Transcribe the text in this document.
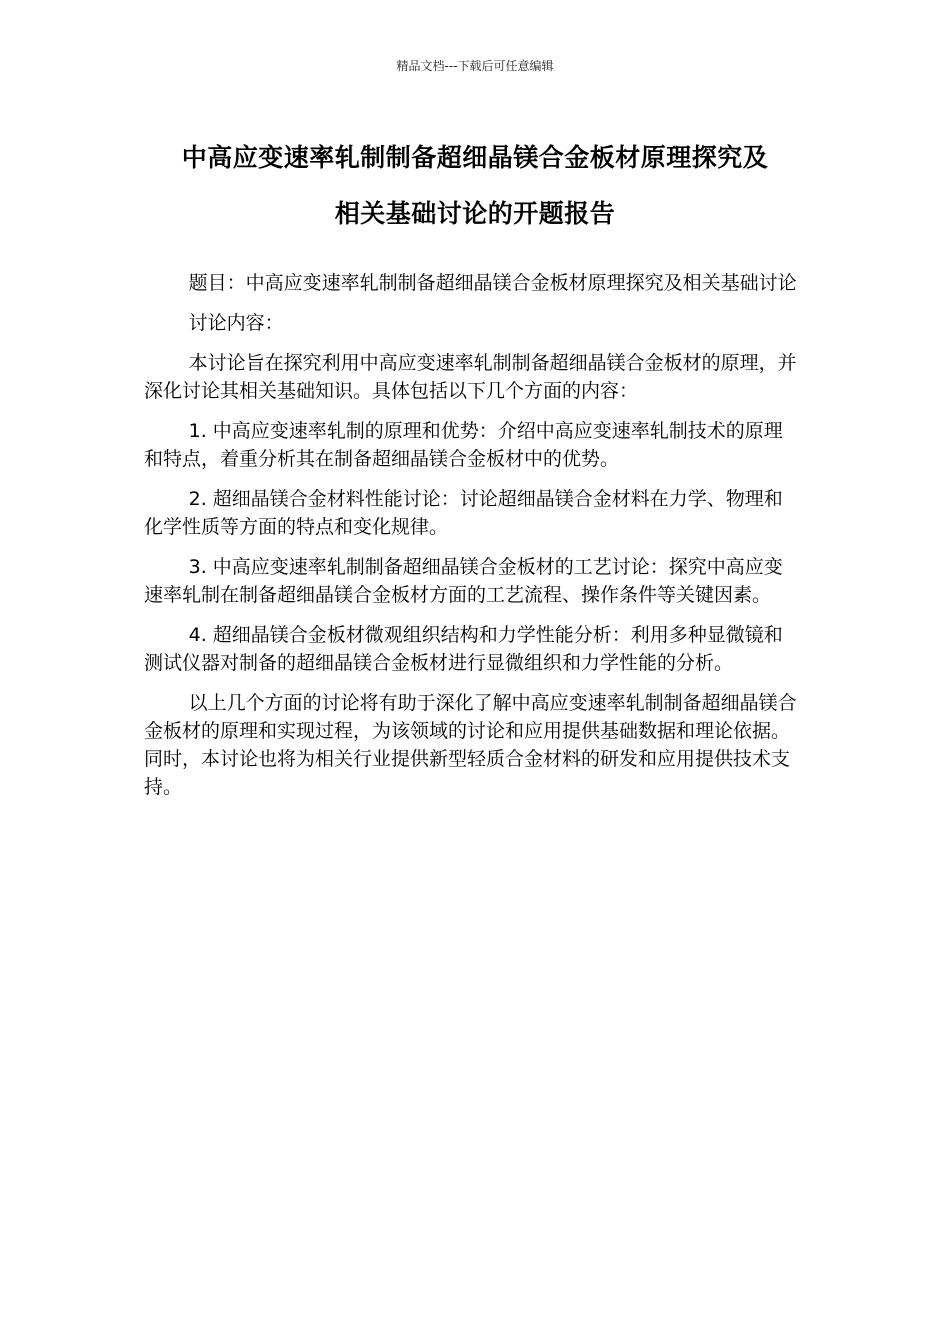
精品文档---下载后可任意编辑
中高应变速率轧制制备超细晶镁合金板材原理探究及
相关基础讨论的开题报告

题目：中高应变速率轧制制备超细晶镁合金板材原理探究及相关基础讨论

讨论内容：

本讨论旨在探究利用中高应变速率轧制制备超细晶镁合金板材的原理，并深化讨论其相关基础知识。具体包括以下几个方面的内容：

1. 中高应变速率轧制的原理和优势：介绍中高应变速率轧制技术的原理和特点，着重分析其在制备超细晶镁合金板材中的优势。

2. 超细晶镁合金材料性能讨论：讨论超细晶镁合金材料在力学、物理和化学性质等方面的特点和变化规律。

3. 中高应变速率轧制制备超细晶镁合金板材的工艺讨论：探究中高应变速率轧制在制备超细晶镁合金板材方面的工艺流程、操作条件等关键因素。

4. 超细晶镁合金板材微观组织结构和力学性能分析：利用多种显微镜和测试仪器对制备的超细晶镁合金板材进行显微组织和力学性能的分析。

以上几个方面的讨论将有助于深化了解中高应变速率轧制制备超细晶镁合金板材的原理和实现过程，为该领域的讨论和应用提供基础数据和理论依据。同时，本讨论也将为相关行业提供新型轻质合金材料的研发和应用提供技术支持。
